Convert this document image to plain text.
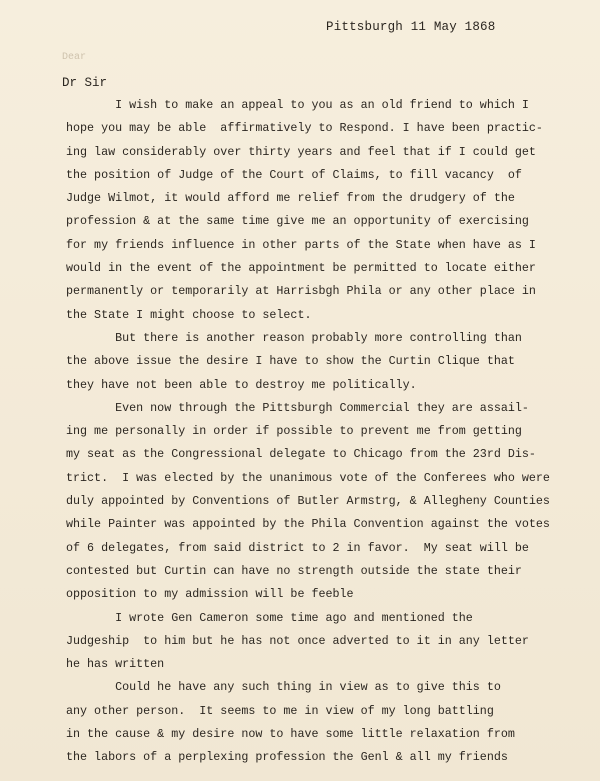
Pittsburgh 11 May 1868
Dear
Dr Sir
I wish to make an appeal to you as an old friend to which I
hope you may be able  affirmatively to Respond. I have been practic-
ing law considerably over thirty years and feel that if I could get
the position of Judge of the Court of Claims, to fill vacancy  of
Judge Wilmot, it would afford me relief from the drudgery of the
profession & at the same time give me an opportunity of exercising
for my friends influence in other parts of the State when have as I
would in the event of the appointment be permitted to locate either
permanently or temporarily at Harrisbgh Phila or any other place in
the State I might choose to select.
But there is another reason probably more controlling than
the above issue the desire I have to show the Curtin Clique that
they have not been able to destroy me politically.
Even now through the Pittsburgh Commercial they are assail-
ing me personally in order if possible to prevent me from getting
my seat as the Congressional delegate to Chicago from the 23rd Dis-
trict.  I was elected by the unanimous vote of the Conferees who were
duly appointed by Conventions of Butler Armstrg, & Allegheny Counties
while Painter was appointed by the Phila Convention against the votes
of 6 delegates, from said district to 2 in favor.  My seat will be
contested but Curtin can have no strength outside the state their
opposition to my admission will be feeble
I wrote Gen Cameron some time ago and mentioned the
Judgeship  to him but he has not once adverted to it in any letter
he has written
Could he have any such thing in view as to give this to
any other person.  It seems to me in view of my long battling
in the cause & my desire now to have some little relaxation from
the labors of a perplexing profession the Genl & all my friends
